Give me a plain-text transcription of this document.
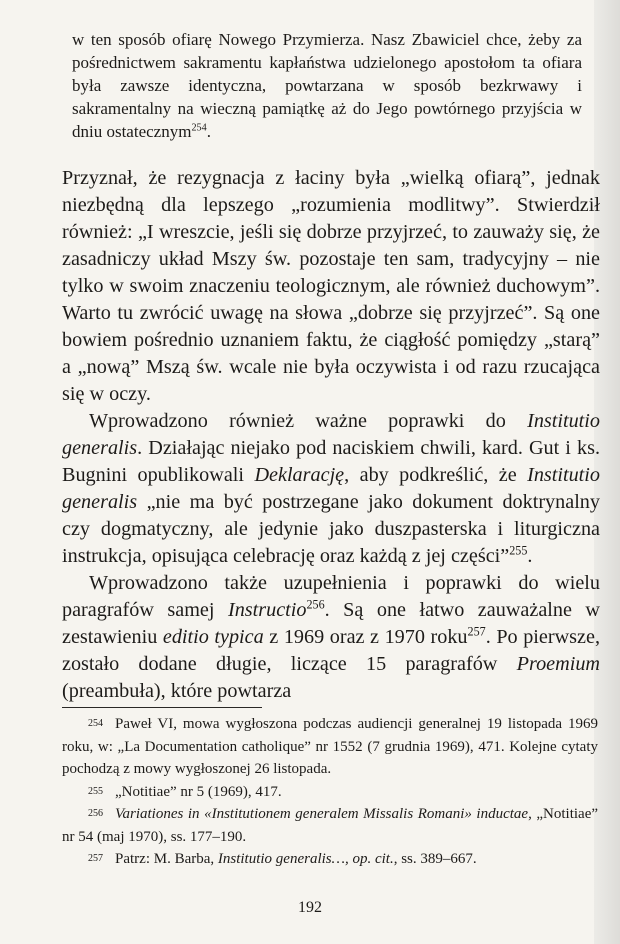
w ten sposób ofiarę Nowego Przymierza. Nasz Zbawiciel chce, żeby za pośrednictwem sakramentu kapłaństwa udzielonego apostołom ta ofiara była zawsze identyczna, powtarzana w sposób bezkrwawy i sakramentalny na wieczną pamiątkę aż do Jego powtórnego przyjścia w dniu ostatecznym$^{254}$.

Przyznał, że rezygnacja z łaciny była „wielką ofiarą”, jednak niezbędną dla lepszego „rozumienia modlitwy”. Stwierdził również: „I wreszcie, jeśli się dobrze przyjrzeć, to zauważy się, że zasadniczy układ Mszy św. pozostaje ten sam, tradycyjny – nie tylko w swoim znaczeniu teologicznym, ale również duchowym”. Warto tu zwrócić uwagę na słowa „dobrze się przyjrzeć”. Są one bowiem pośrednio uznaniem faktu, że ciągłość pomiędzy „starą” a „nową” Mszą św. wcale nie była oczywista i od razu rzucająca się w oczy.

Wprowadzono również ważne poprawki do Institutio generalis. Działając niejako pod naciskiem chwili, kard. Gut i ks. Bugnini opublikowali Deklarację, aby podkreślić, że Institutio generalis „nie ma być postrzegane jako dokument doktrynalny czy dogmatyczny, ale jedynie jako duszpasterska i liturgiczna instrukcja, opisująca celebrację oraz każdą z jej części”$^{255}$.

Wprowadzono także uzupełnienia i poprawki do wielu paragrafów samej Instructio$^{256}$. Są one łatwo zauważalne w zestawieniu editio typica z 1969 oraz z 1970 roku$^{257}$. Po pierwsze, zostało dodane długie, liczące 15 paragrafów Proemium (preambuła), które powtarza

254 Paweł VI, mowa wygłoszona podczas audiencji generalnej 19 listopada 1969 roku, w: „La Documentation catholique” nr 1552 (7 grudnia 1969), 471. Kolejne cytaty pochodzą z mowy wygłoszonej 26 listopada.

255 „Notitiae” nr 5 (1969), 417.

256 Variationes in «Institutionem generalem Missalis Romani» inductae, „Notitiae” nr 54 (maj 1970), ss. 177–190.

257 Patrz: M. Barba, Institutio generalis…, op. cit., ss. 389–667.

192
